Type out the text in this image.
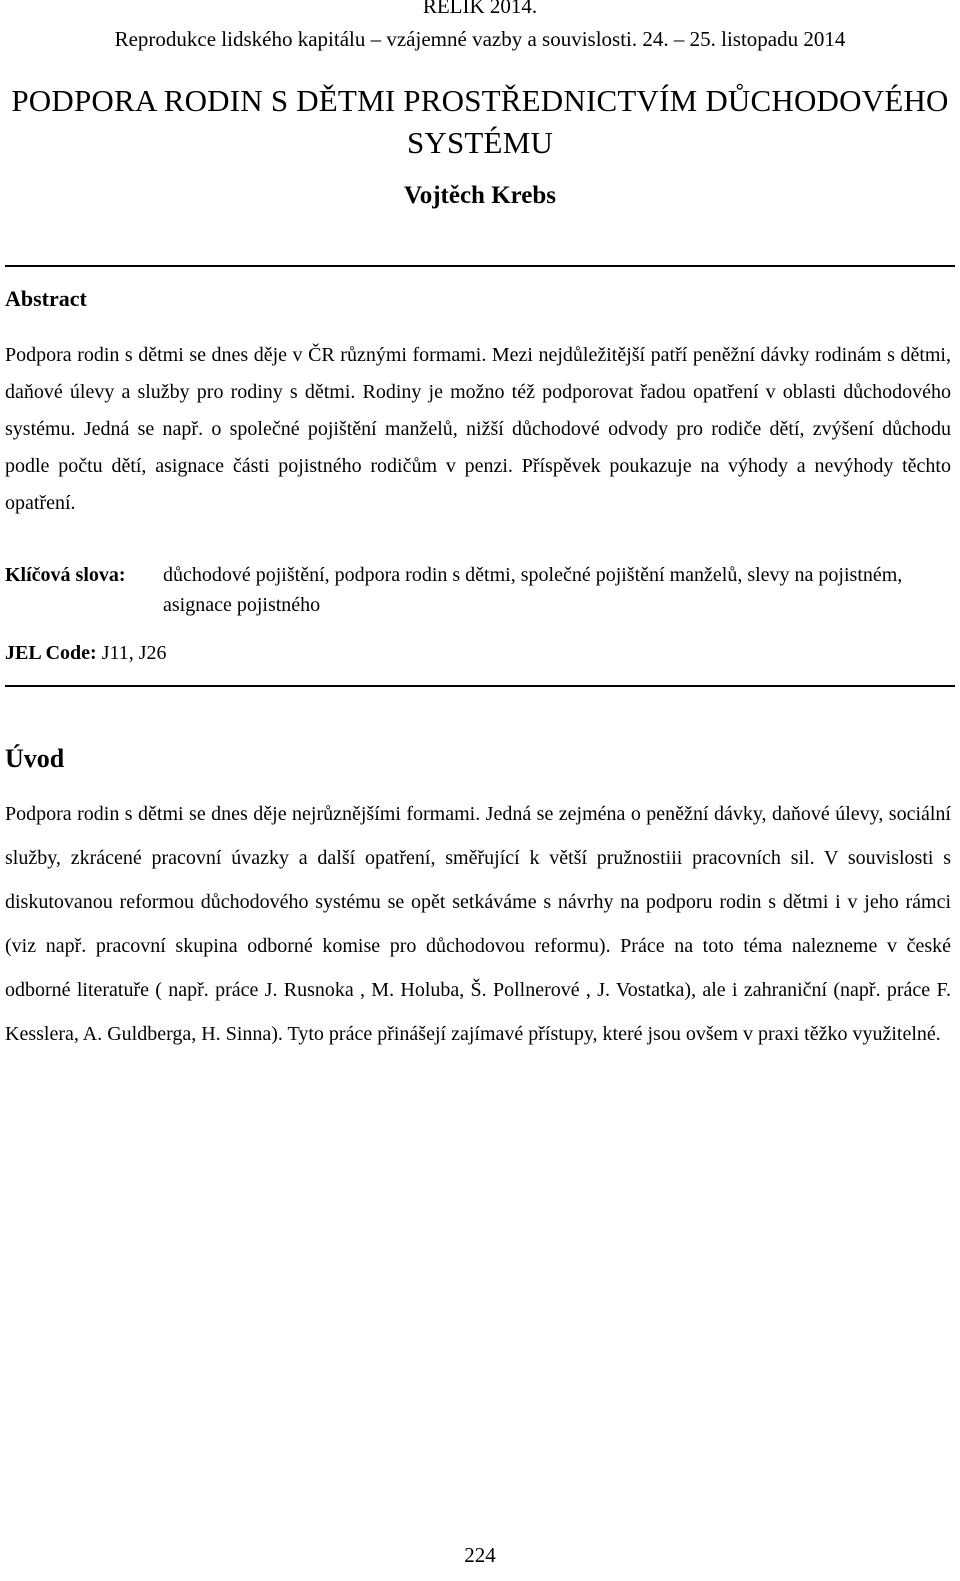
RELIK 2014.
Reprodukce lidského kapitálu – vzájemné vazby a souvislosti. 24. – 25. listopadu 2014
PODPORA RODIN S DĚTMI PROSTŘEDNICTVÍM DŮCHODOVÉHO SYSTÉMU
Vojtěch Krebs
Abstract

Podpora rodin s dětmi se dnes děje v ČR různými formami. Mezi nejdůležitější patří peněžní dávky rodinám s dětmi, daňové úlevy a služby pro rodiny s dětmi. Rodiny je možno též podporovat řadou opatření v oblasti důchodového systému. Jedná se např. o společné pojištění manželů, nižší důchodové odvody pro rodiče dětí, zvýšení důchodu podle počtu dětí, asignace části pojistného rodičům v penzi. Příspěvek poukazuje na výhody a nevýhody těchto opatření.

Klíčová slova:	důchodové pojištění, podpora rodin s dětmi, společné pojištění manželů, slevy na pojistném, asignace pojistného
JEL Code: J11, J26
Úvod

Podpora rodin s dětmi se dnes děje nejrůznějšími formami. Jedná se zejména o peněžní dávky, daňové úlevy, sociální služby, zkrácené pracovní úvazky a další opatření, směřující k větší pružnostiii pracovních sil. V souvislosti s diskutovanou reformou důchodového systému se opět setkáváme s návrhy na podporu rodin s dětmi i v jeho rámci (viz např. pracovní skupina odborné komise pro důchodovou reformu). Práce na toto téma nalezneme v české odborné literatuře ( např. práce J. Rusnoka , M. Holuba, Š. Pollnerové , J. Vostatka), ale i zahraniční (např. práce F. Kesslera, A. Guldberga, H. Sinna). Tyto práce přinášejí zajímavé přístupy, které jsou ovšem v praxi těžko využitelné.

224
